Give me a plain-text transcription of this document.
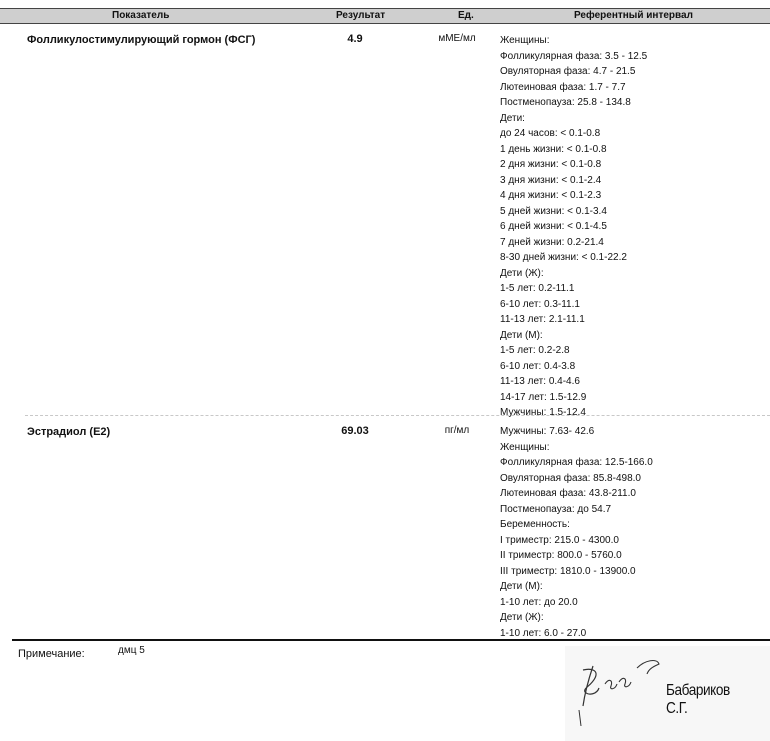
Показатель	Результат	Ед.	Референтный интервал
Фолликулостимулирующий гормон (ФСГ)	4.9	мМЕ/мл	Женщины:
Фолликулярная фаза: 3.5 - 12.5
Овуляторная фаза: 4.7 - 21.5
Лютеиновая фаза: 1.7 - 7.7
Постменопауза: 25.8 - 134.8
Дети:
до 24 часов: < 0.1-0.8
1 день жизни: < 0.1-0.8
2 дня жизни: < 0.1-0.8
3 дня жизни: < 0.1-2.4
4 дня жизни: < 0.1-2.3
5 дней жизни: < 0.1-3.4
6 дней жизни: < 0.1-4.5
7 дней жизни: 0.2-21.4
8-30 дней жизни: < 0.1-22.2
Дети (Ж):
1-5 лет: 0.2-11.1
6-10 лет: 0.3-11.1
11-13 лет: 2.1-11.1
Дети (М):
1-5 лет: 0.2-2.8
6-10 лет: 0.4-3.8
11-13 лет: 0.4-4.6
14-17 лет: 1.5-12.9
Мужчины: 1.5-12.4
Эстрадиол (Е2)	69.03	пг/мл	Мужчины: 7.63- 42.6
Женщины:
Фолликулярная фаза: 12.5-166.0
Овуляторная фаза: 85.8-498.0
Лютеиновая фаза: 43.8-211.0
Постменопауза: до 54.7
Беременность:
I триместр: 215.0 - 4300.0
II триместр: 800.0 - 5760.0
III триместр: 1810.0 - 13900.0
Дети (М):
1-10 лет: до 20.0
Дети (Ж):
1-10 лет: 6.0 - 27.0
Примечание:	дмц 5
Бабариков С.Г.
